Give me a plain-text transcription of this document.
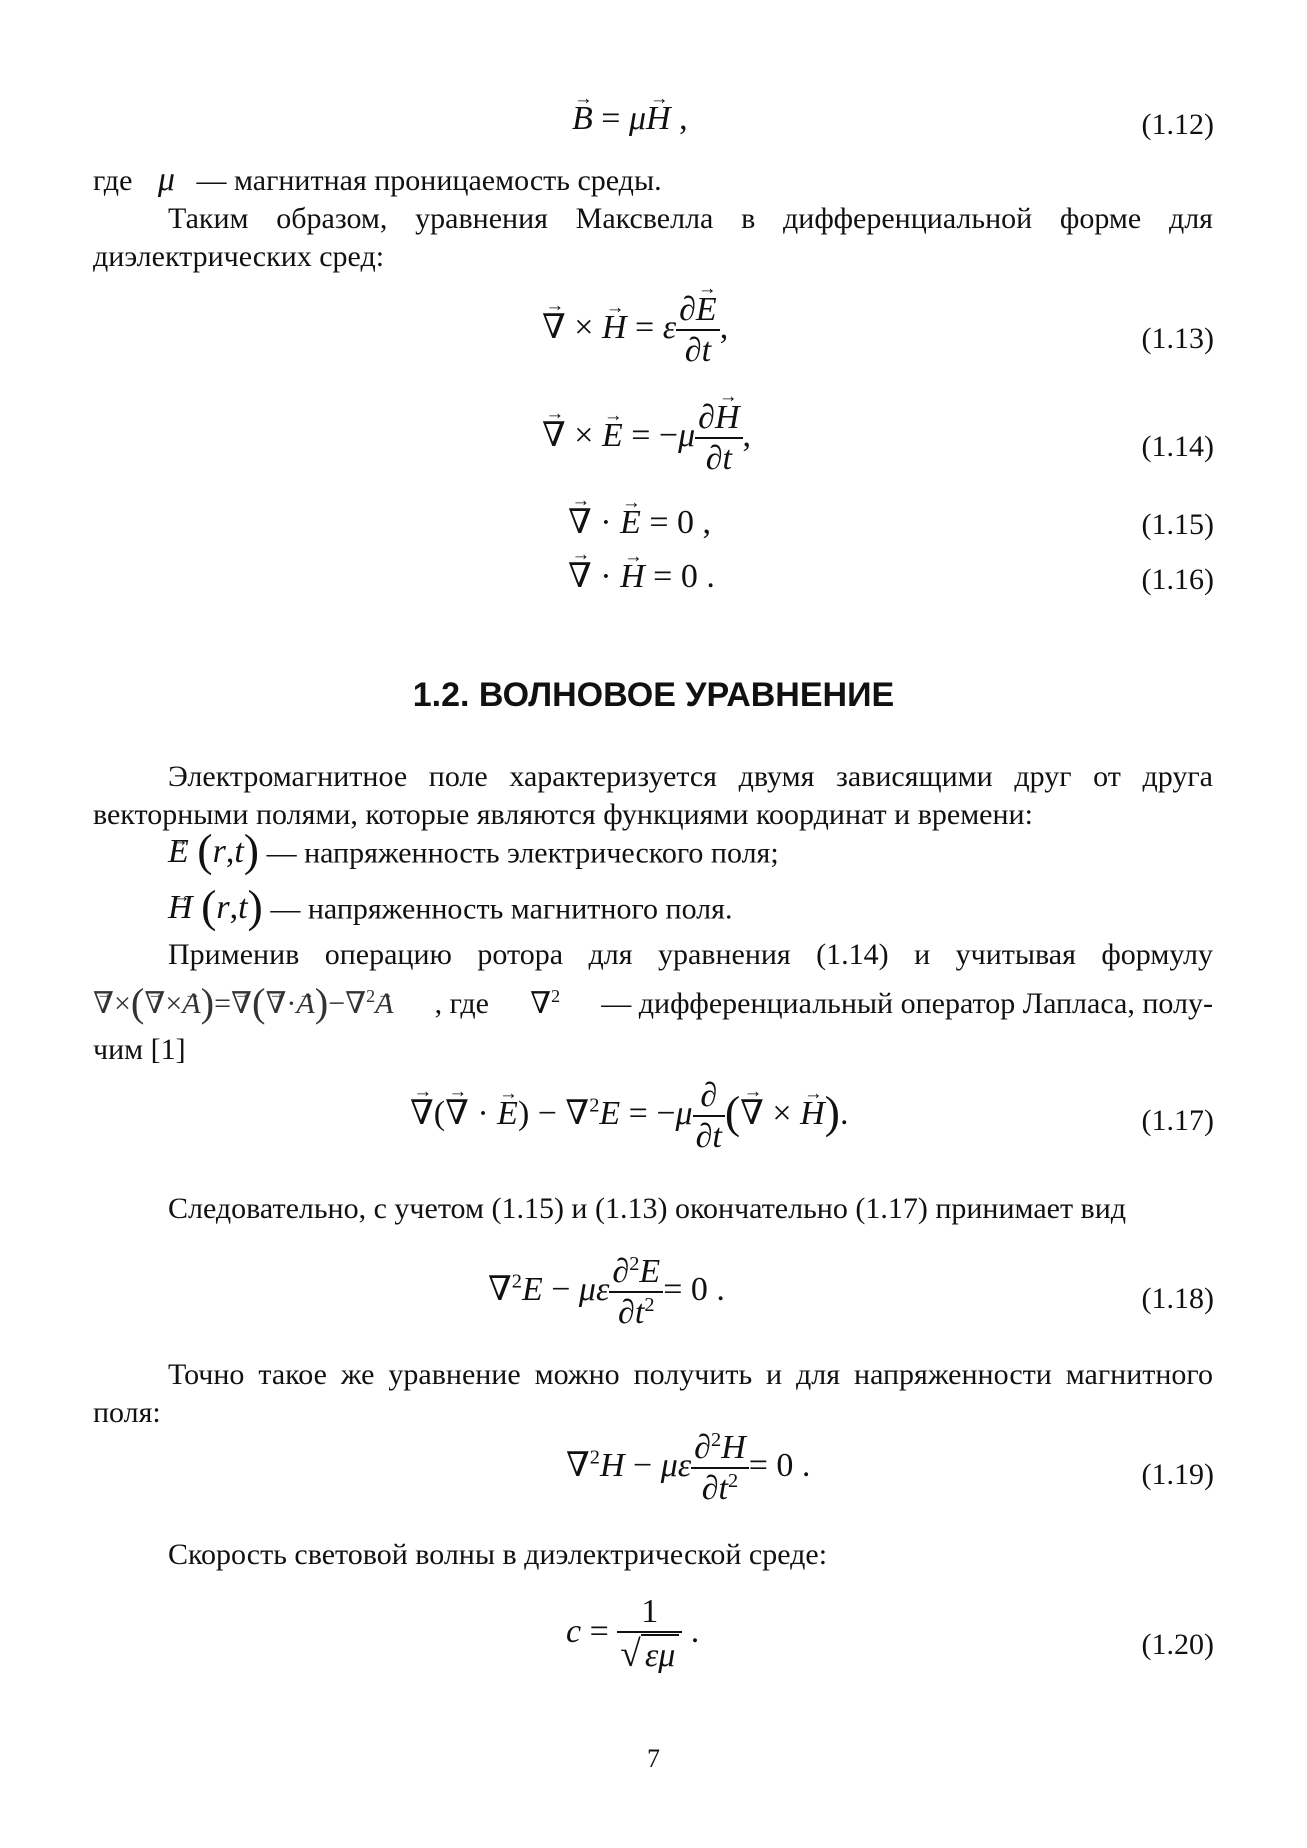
→ B = μ→ H ,	(1.12)
где μ — магнитная проницаемость среды.
Таким образом, уравнения Максвелла в дифференциальной форме для диэлектрических сред:
→ ∇ × → H = ε $\frac{\partial\to E}{\partial t}$ ,	(1.13)
→ ∇ × → $E = -\mu \frac{\partial\to H}{\partial t}$ ,	(1.14)
→ ∇ · → E = 0 ,	(1.15)
→ ∇ · → H = 0 .	(1.16)
1.2. ВОЛНОВОЕ УРАВНЕНИЕ
Электромагнитное поле характеризуется двумя зависящими друг от друга векторными полями, которые являются функциями координат и времени:
→ E (r,t) — напряженность электрического поля;
→ H (r,t) — напряженность магнитного поля.
Применив операцию ротора для уравнения (1.14) и учитывая формулу
→ ∇×(→ ∇×→ A)=→ ∇(→ ∇·→ A)−∇$^2$→ A , где ∇$^2$ — дифференциальный оператор Лапласа, полу-
чим [1]
→ ∇(→ ∇ · → $E) - \nabla^2E = -\mu \frac{\partial}{\partial t}$ (→ ∇ × → H).	(1.17)
Следовательно, с учетом (1.15) и (1.13) окончательно (1.17) принимает вид
∇$^2$E − με $\frac{\partial^2E}{\partial t^2} = 0$ .	(1.18)
Точно такое же уравнение можно получить и для напряженности магнитного поля:
∇$^2$H − με $\frac{\partial^2H}{\partial t^2} = 0$ .	(1.19)
Скорость световой волны в диэлектрической среде:
$c = \frac{1}{√ \varepsilon\mu}$ .	(1.20)
7
